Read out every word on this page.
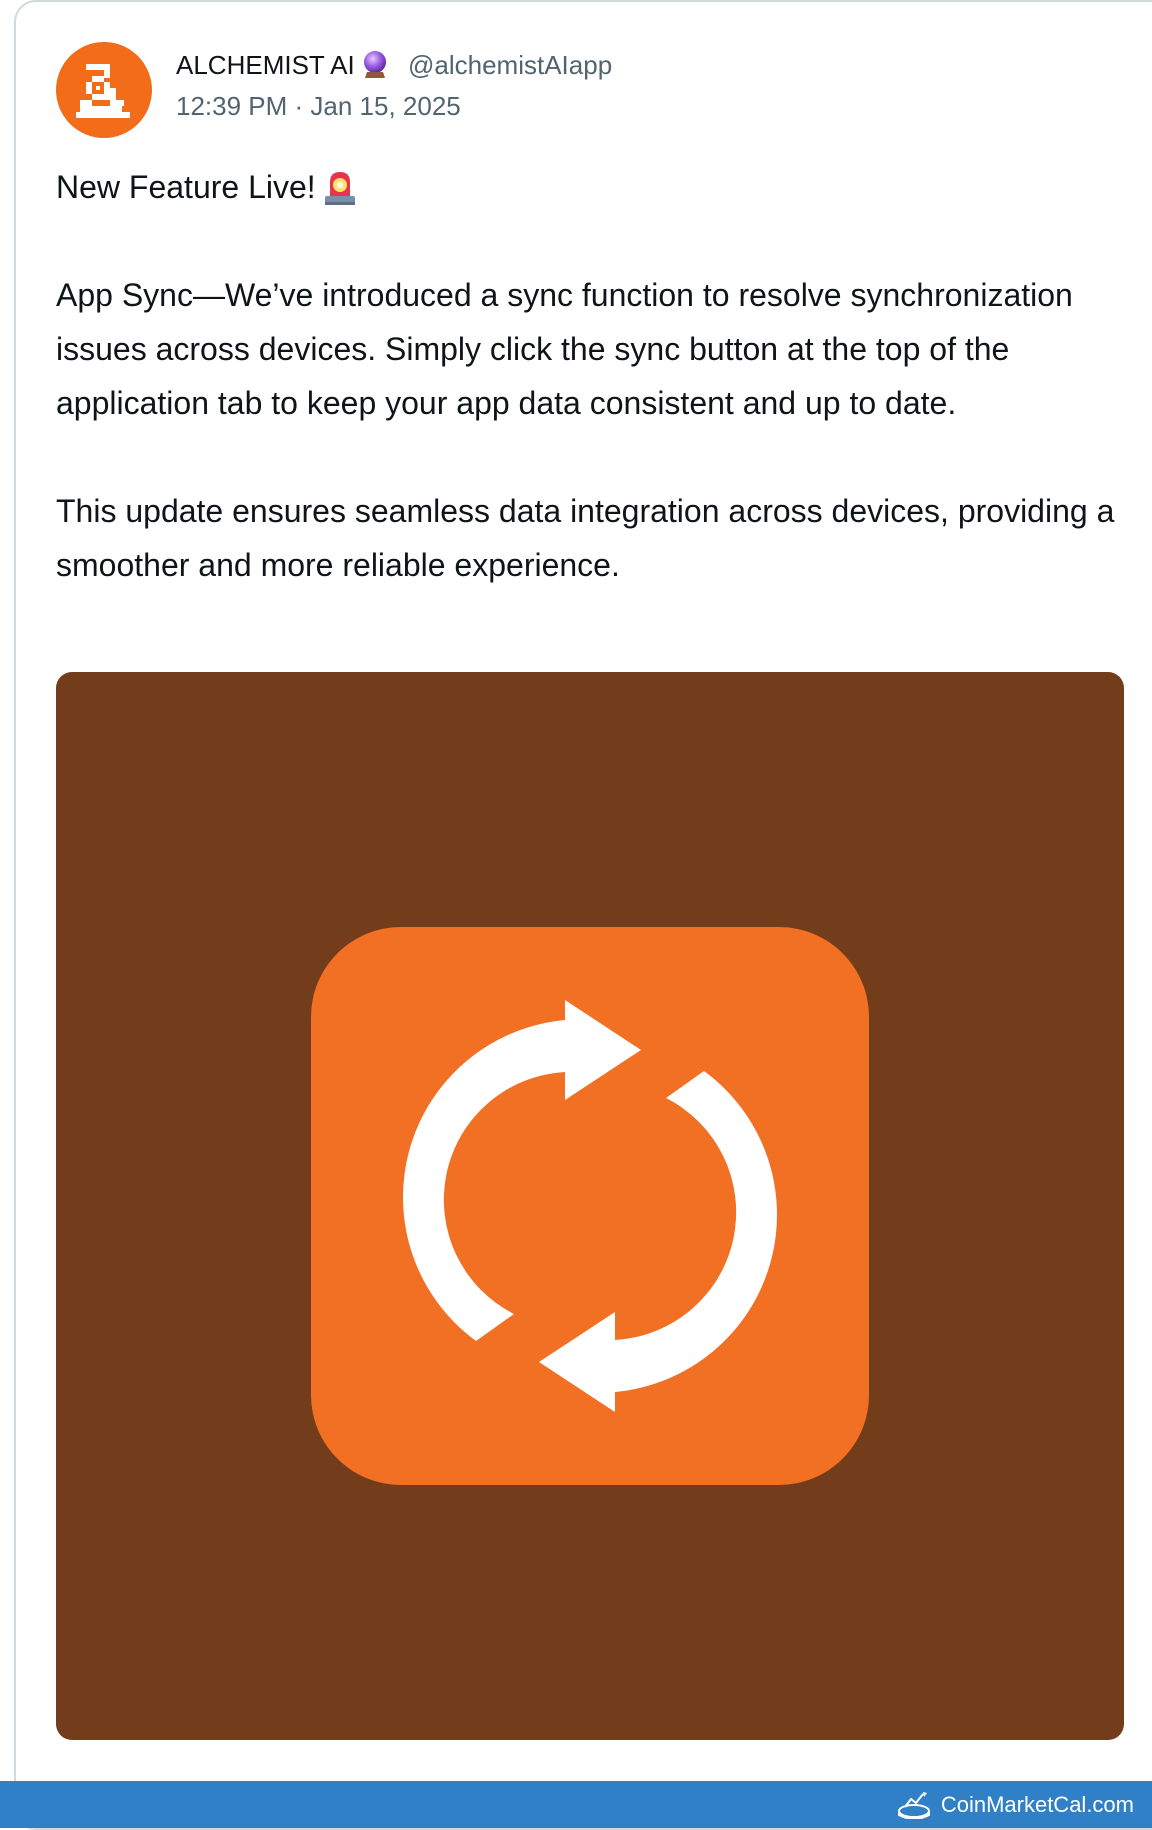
ALCHEMIST AI @alchemistAIapp
12:39 PM · Jan 15, 2025

New Feature Live!

App Sync—We’ve introduced a sync function to resolve synchronization issues across devices. Simply click the sync button at the top of the application tab to keep your app data consistent and up to date.

This update ensures seamless data integration across devices, providing a smoother and more reliable experience.

CoinMarketCal.com
